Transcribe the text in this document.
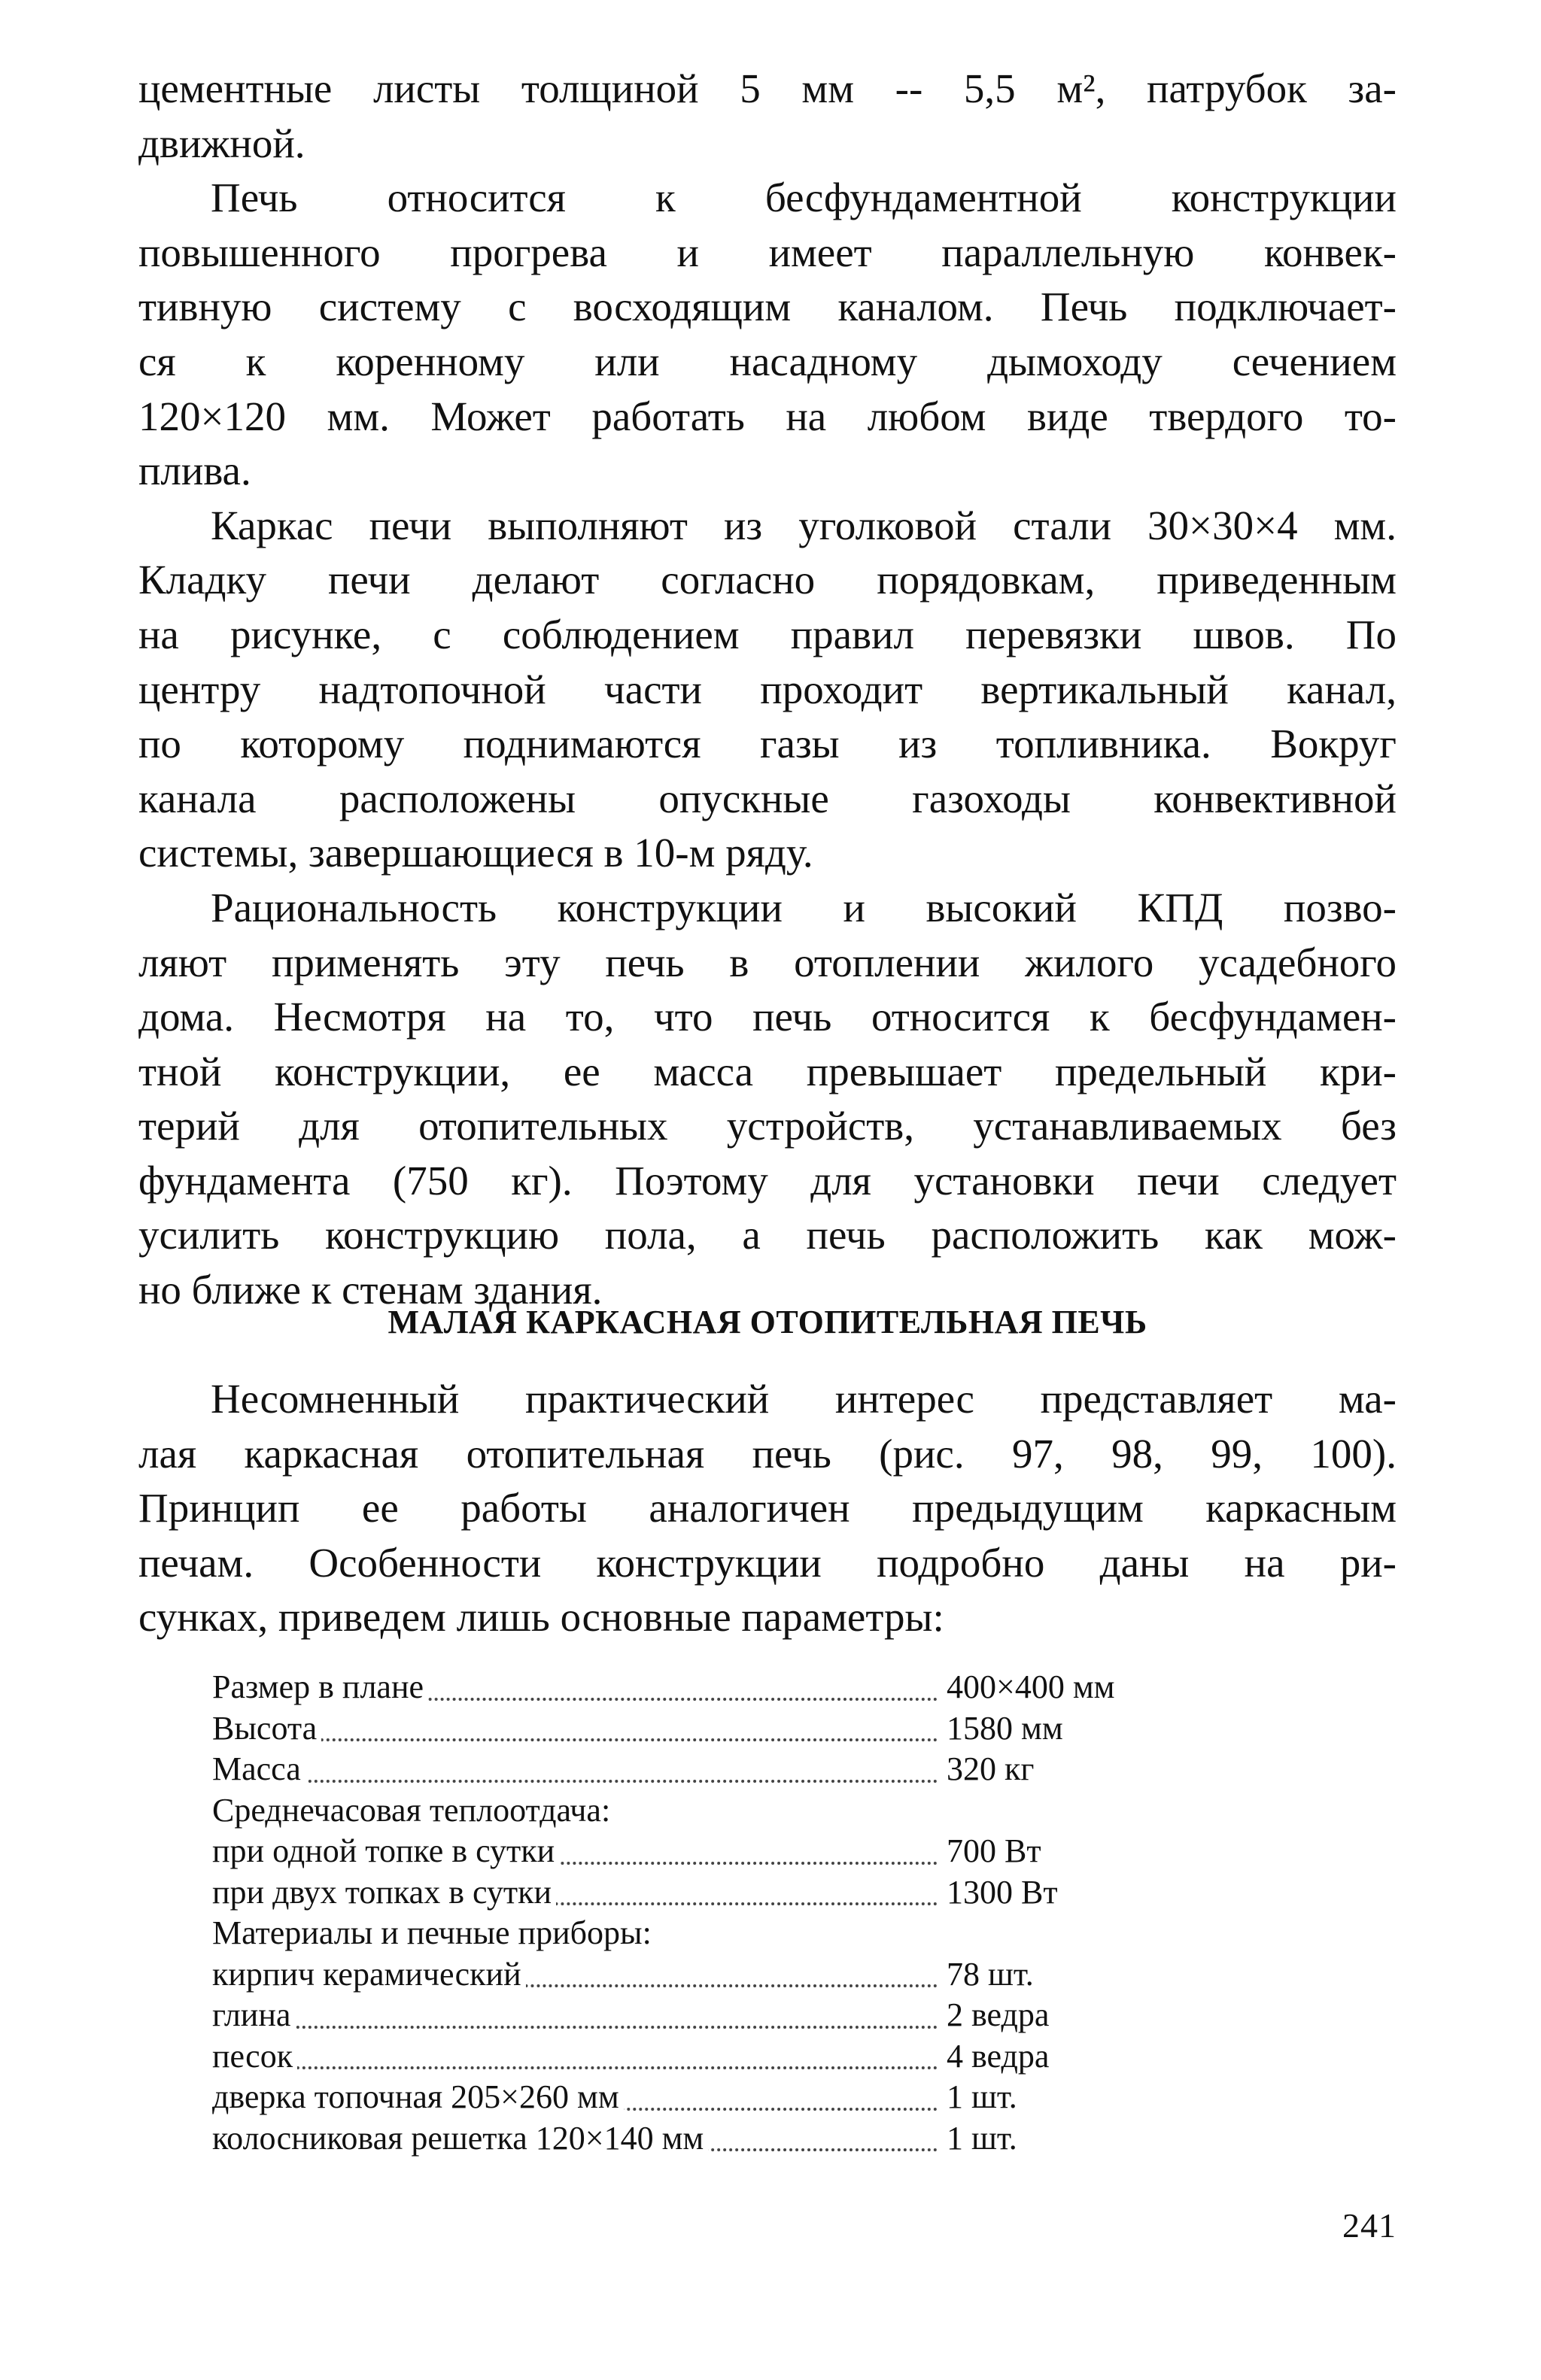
цементные листы толщиной 5 мм -- 5,5 м², патрубок за-
движной.

Печь относится к бесфундаментной конструкции
повышенного прогрева и имеет параллельную конвек-
тивную систему с восходящим каналом. Печь подключает-
ся к коренному или насадному дымоходу сечением
120×120 мм. Может работать на любом виде твердого то-
плива.

Каркас печи выполняют из уголковой стали 30×30×4 мм.
Кладку печи делают согласно порядовкам, приведенным
на рисунке, с соблюдением правил перевязки швов. По
центру надтопочной части проходит вертикальный канал,
по которому поднимаются газы из топливника. Вокруг
канала расположены опускные газоходы конвективной
системы, завершающиеся в 10-м ряду.

Рациональность конструкции и высокий КПД позво-
ляют применять эту печь в отоплении жилого усадебного
дома. Несмотря на то, что печь относится к бесфундамен-
тной конструкции, ее масса превышает предельный кри-
терий для отопительных устройств, устанавливаемых без
фундамента (750 кг). Поэтому для установки печи следует
усилить конструкцию пола, а печь расположить как мож-
но ближе к стенам здания.

МАЛАЯ КАРКАСНАЯ ОТОПИТЕЛЬНАЯ ПЕЧЬ

Несомненный практический интерес представляет ма-
лая каркасная отопительная печь (рис. 97, 98, 99, 100).
Принцип ее работы аналогичен предыдущим каркасным
печам. Особенности конструкции подробно даны на ри-
сунках, приведем лишь основные параметры:

Размер в плане	400×400 мм
Высота	1580 мм
Масса	320 кг
Среднечасовая теплоотдача:
при одной топке в сутки	700 Вт
при двух топках в сутки	1300 Вт
Материалы и печные приборы:
кирпич керамический	78 шт.
глина	2 ведра
песок	4 ведра
дверка топочная 205×260 мм	1 шт.
колосниковая решетка 120×140 мм	1 шт.
241
